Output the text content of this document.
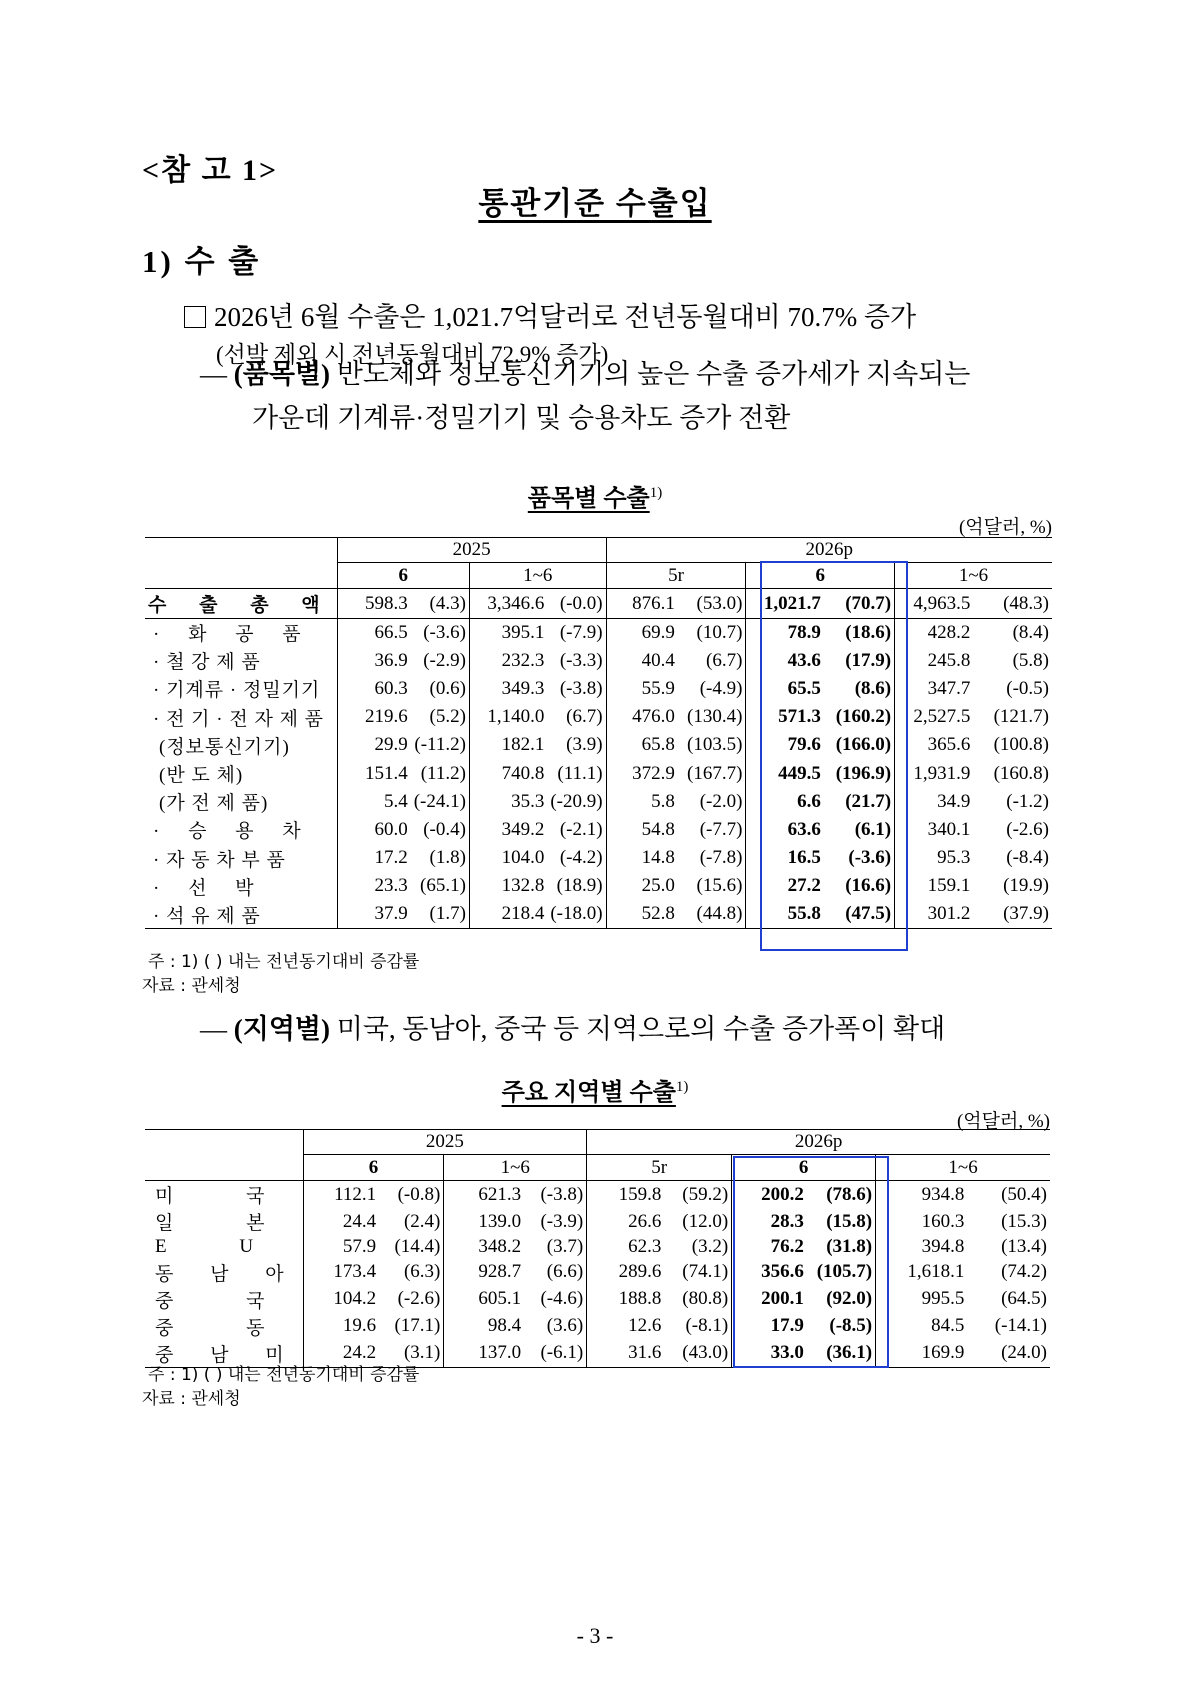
<참 고 1>
통관기준 수출입
1) 수 출
2026년 6월 수출은 1,021.7억달러로 전년동월대비 70.7% 증가
(선박 제외 시 전년동월대비 72.9% 증가)
— (품목별) 반도체와 정보통신기기의 높은 수출 증가세가 지속되는
가운데 기계류·정밀기기 및 승용차도 증가 전환
품목별 수출$^{1)}$
(억달러, %)
	2025				2026p					
	6		1~6		5r		6		1~6	
수 출 총 액	598.3	(4.3)	3,346.6	(-0.0)	876.1	(53.0)	1,021.7	(70.7)	4,963.5	(48.3)
· 화 공 품	66.5	(-3.6)	395.1	(-7.9)	69.9	(10.7)	78.9	(18.6)	428.2	(8.4)
· 철 강 제 품	36.9	(-2.9)	232.3	(-3.3)	40.4	(6.7)	43.6	(17.9)	245.8	(5.8)
· 기계류 · 정밀기기	60.3	(0.6)	349.3	(-3.8)	55.9	(-4.9)	65.5	(8.6)	347.7	(-0.5)
· 전 기 · 전 자 제 품	219.6	(5.2)	1,140.0	(6.7)	476.0	(130.4)	571.3	(160.2)	2,527.5	(121.7)
(정보통신기기)	29.9	(-11.2)	182.1	(3.9)	65.8	(103.5)	79.6	(166.0)	365.6	(100.8)
(반 도 체)	151.4	(11.2)	740.8	(11.1)	372.9	(167.7)	449.5	(196.9)	1,931.9	(160.8)
(가 전 제 품)	5.4	(-24.1)	35.3	(-20.9)	5.8	(-2.0)	6.6	(21.7)	34.9	(-1.2)
· 승 용 차	60.0	(-0.4)	349.2	(-2.1)	54.8	(-7.7)	63.6	(6.1)	340.1	(-2.6)
· 자 동 차 부 품	17.2	(1.8)	104.0	(-4.2)	14.8	(-7.8)	16.5	(-3.6)	95.3	(-8.4)
· 선 박	23.3	(65.1)	132.8	(18.9)	25.0	(15.6)	27.2	(16.6)	159.1	(19.9)
· 석 유 제 품	37.9	(1.7)	218.4	(-18.0)	52.8	(44.8)	55.8	(47.5)	301.2	(37.9)
주 : 1) ( ) 내는 전년동기대비 증감률
자료 : 관세청
— (지역별) 미국, 동남아, 중국 등 지역으로의 수출 증가폭이 확대
주요 지역별 수출$^{1)}$
(억달러, %)
	2025				2026p					
	6		1~6		5r		6		1~6	
미 국	112.1	(-0.8)	621.3	(-3.8)	159.8	(59.2)	200.2	(78.6)	934.8	(50.4)
일 본	24.4	(2.4)	139.0	(-3.9)	26.6	(12.0)	28.3	(15.8)	160.3	(15.3)
E U	57.9	(14.4)	348.2	(3.7)	62.3	(3.2)	76.2	(31.8)	394.8	(13.4)
동 남 아	173.4	(6.3)	928.7	(6.6)	289.6	(74.1)	356.6	(105.7)	1,618.1	(74.2)
중 국	104.2	(-2.6)	605.1	(-4.6)	188.8	(80.8)	200.1	(92.0)	995.5	(64.5)
중 동	19.6	(17.1)	98.4	(3.6)	12.6	(-8.1)	17.9	(-8.5)	84.5	(-14.1)
중 남 미	24.2	(3.1)	137.0	(-6.1)	31.6	(43.0)	33.0	(36.1)	169.9	(24.0)
주 : 1) ( ) 내는 전년동기대비 증감률
자료 : 관세청
- 3 -
